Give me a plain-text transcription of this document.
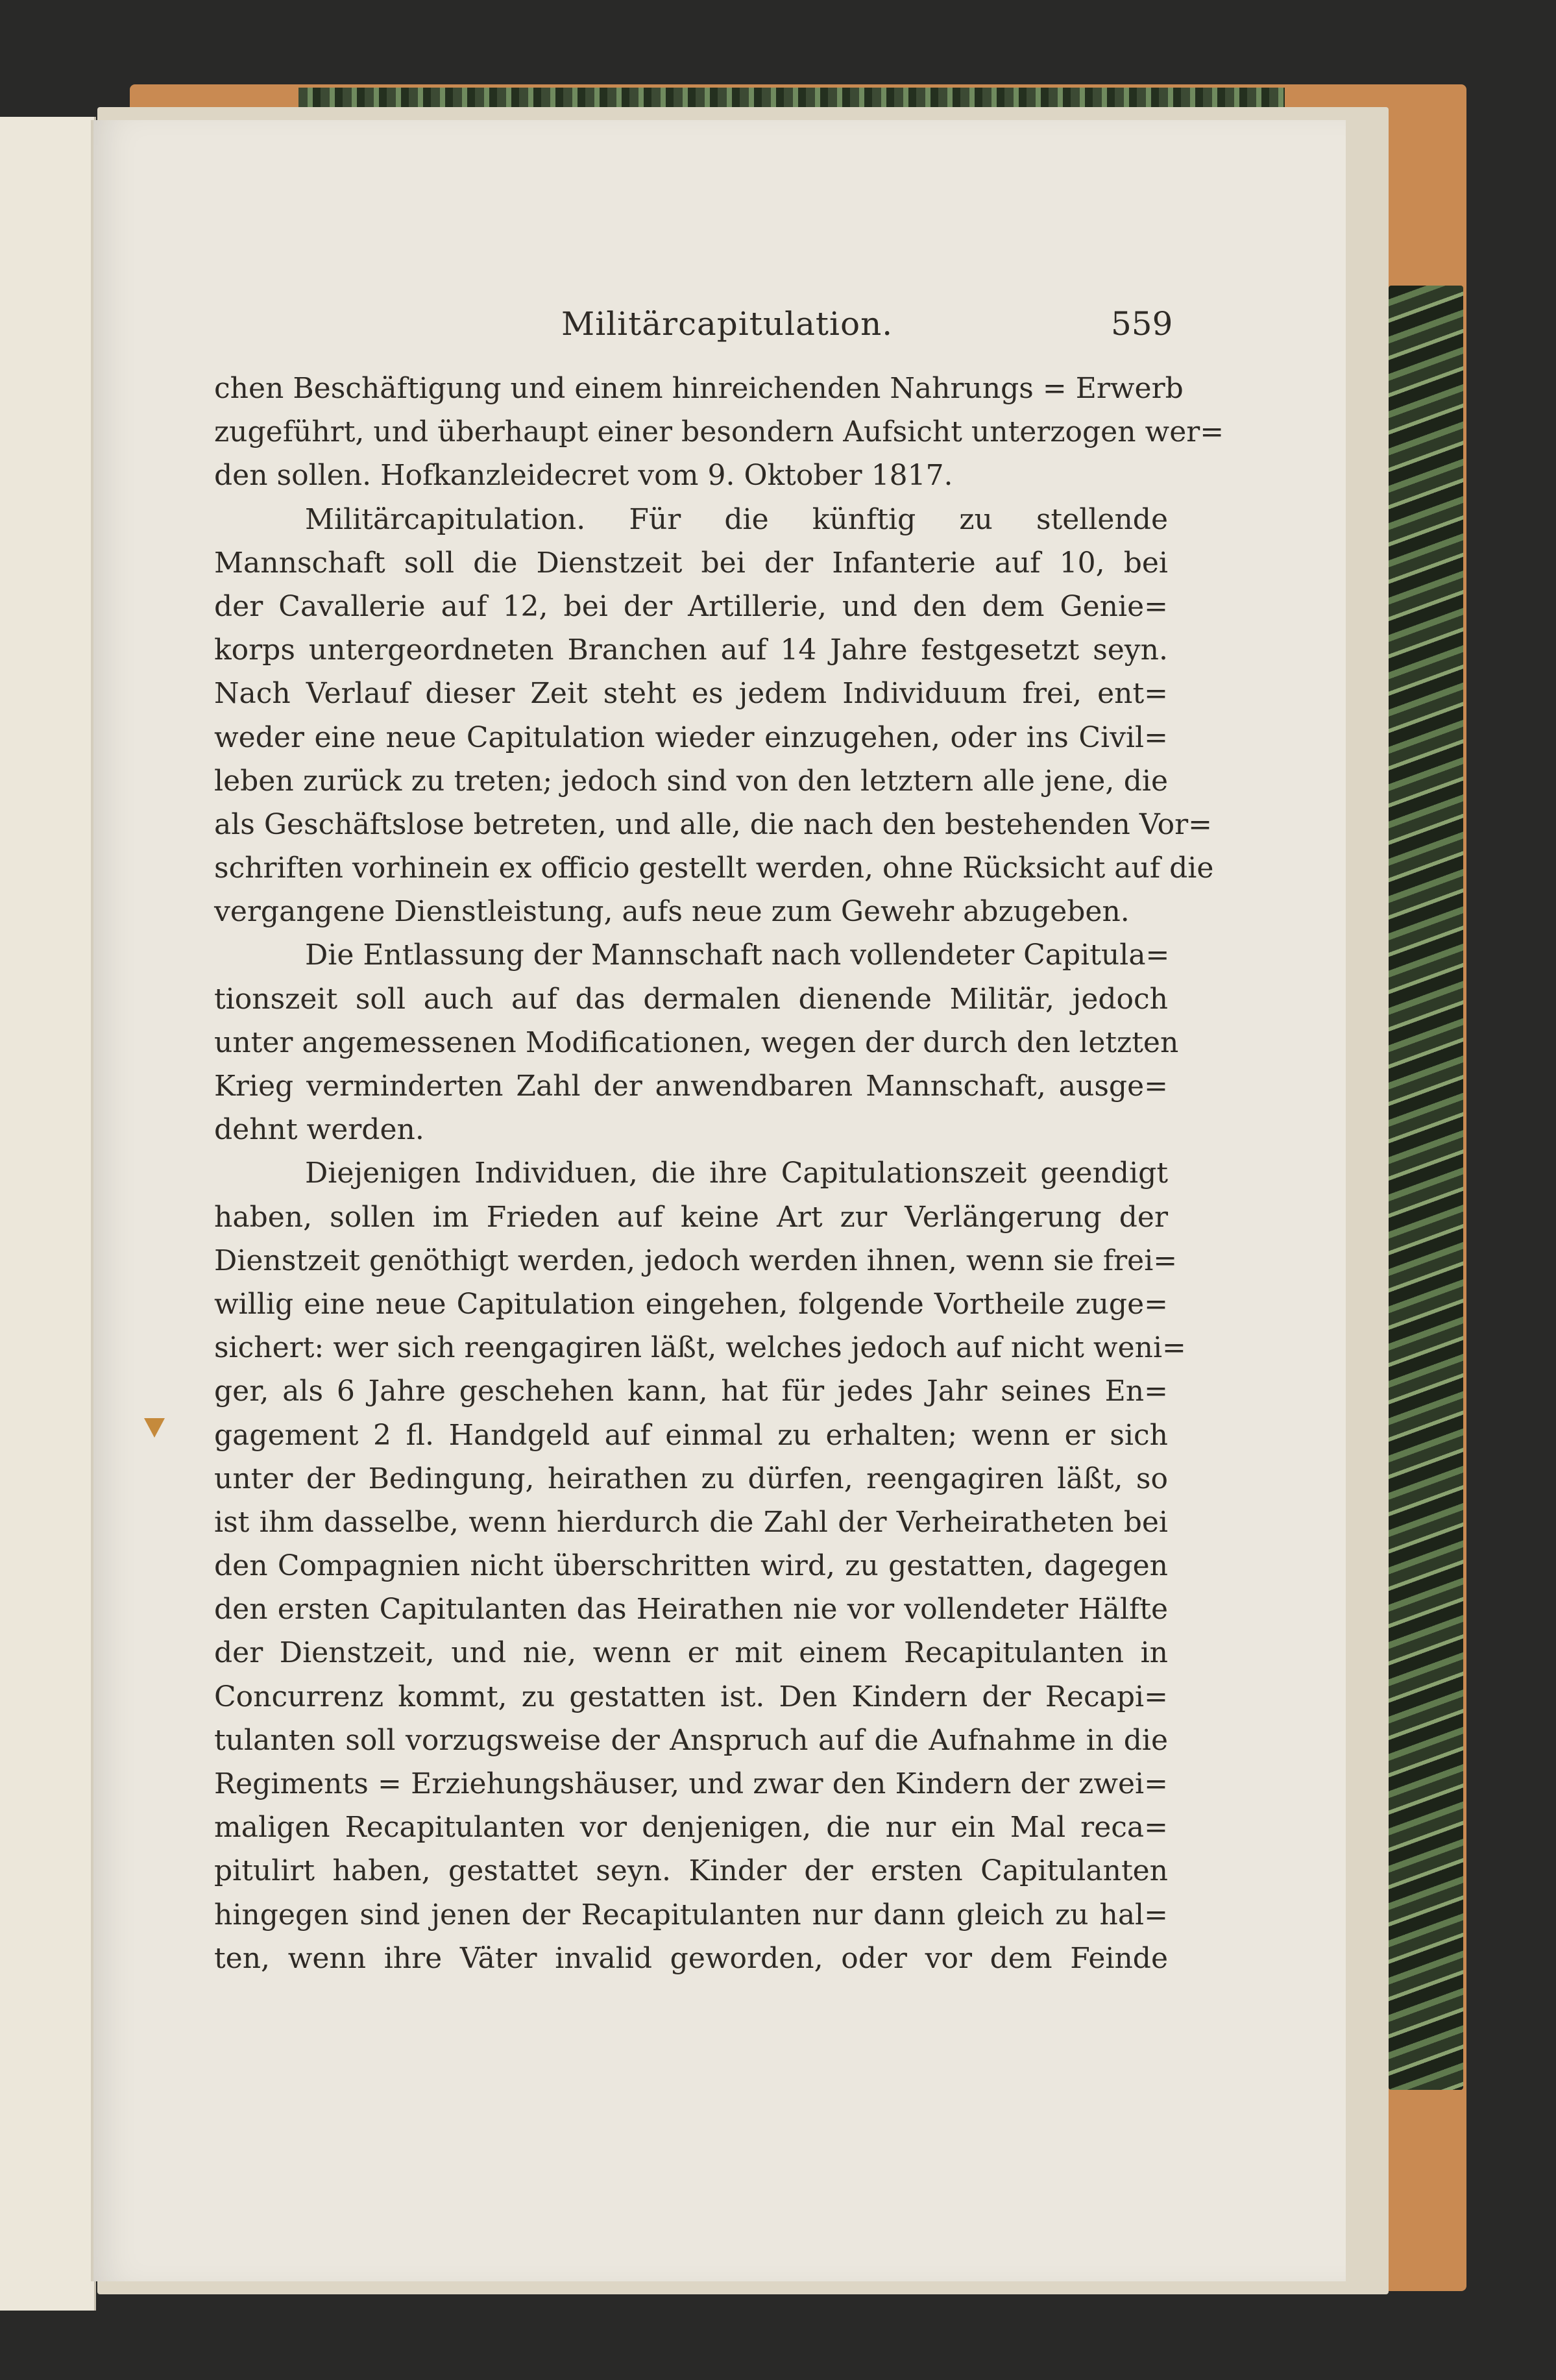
Militärcapitulation.	559
chen Beschäftigung und einem hinreichenden Nahrungs = Erwerb
zugeführt, und überhaupt einer besondern Aufsicht unterzogen wer=
den sollen. Hofkanzleidecret vom 9. Oktober 1817.
Militärcapitulation. Für die künftig zu stellende
Mannschaft soll die Dienstzeit bei der Infanterie auf 10, bei
der Cavallerie auf 12, bei der Artillerie, und den dem Genie=
korps untergeordneten Branchen auf 14 Jahre festgesetzt seyn.
Nach Verlauf dieser Zeit steht es jedem Individuum frei, ent=
weder eine neue Capitulation wieder einzugehen, oder ins Civil=
leben zurück zu treten; jedoch sind von den letztern alle jene, die
als Geschäftslose betreten, und alle, die nach den bestehenden Vor=
schriften vorhinein ex officio gestellt werden, ohne Rücksicht auf die
vergangene Dienstleistung, aufs neue zum Gewehr abzugeben.
Die Entlassung der Mannschaft nach vollendeter Capitula=
tionszeit soll auch auf das dermalen dienende Militär, jedoch
unter angemessenen Modificationen, wegen der durch den letzten
Krieg verminderten Zahl der anwendbaren Mannschaft, ausge=
dehnt werden.
Diejenigen Individuen, die ihre Capitulationszeit geendigt
haben, sollen im Frieden auf keine Art zur Verlängerung der
Dienstzeit genöthigt werden, jedoch werden ihnen, wenn sie frei=
willig eine neue Capitulation eingehen, folgende Vortheile zuge=
sichert: wer sich reengagiren läßt, welches jedoch auf nicht weni=
ger, als 6 Jahre geschehen kann, hat für jedes Jahr seines En=
gagement 2 fl. Handgeld auf einmal zu erhalten; wenn er sich
unter der Bedingung, heirathen zu dürfen, reengagiren läßt, so
ist ihm dasselbe, wenn hierdurch die Zahl der Verheiratheten bei
den Compagnien nicht überschritten wird, zu gestatten, dagegen
den ersten Capitulanten das Heirathen nie vor vollendeter Hälfte
der Dienstzeit, und nie, wenn er mit einem Recapitulanten in
Concurrenz kommt, zu gestatten ist. Den Kindern der Recapi=
tulanten soll vorzugsweise der Anspruch auf die Aufnahme in die
Regiments = Erziehungshäuser, und zwar den Kindern der zwei=
maligen Recapitulanten vor denjenigen, die nur ein Mal reca=
pitulirt haben, gestattet seyn. Kinder der ersten Capitulanten
hingegen sind jenen der Recapitulanten nur dann gleich zu hal=
ten, wenn ihre Väter invalid geworden, oder vor dem Feinde
